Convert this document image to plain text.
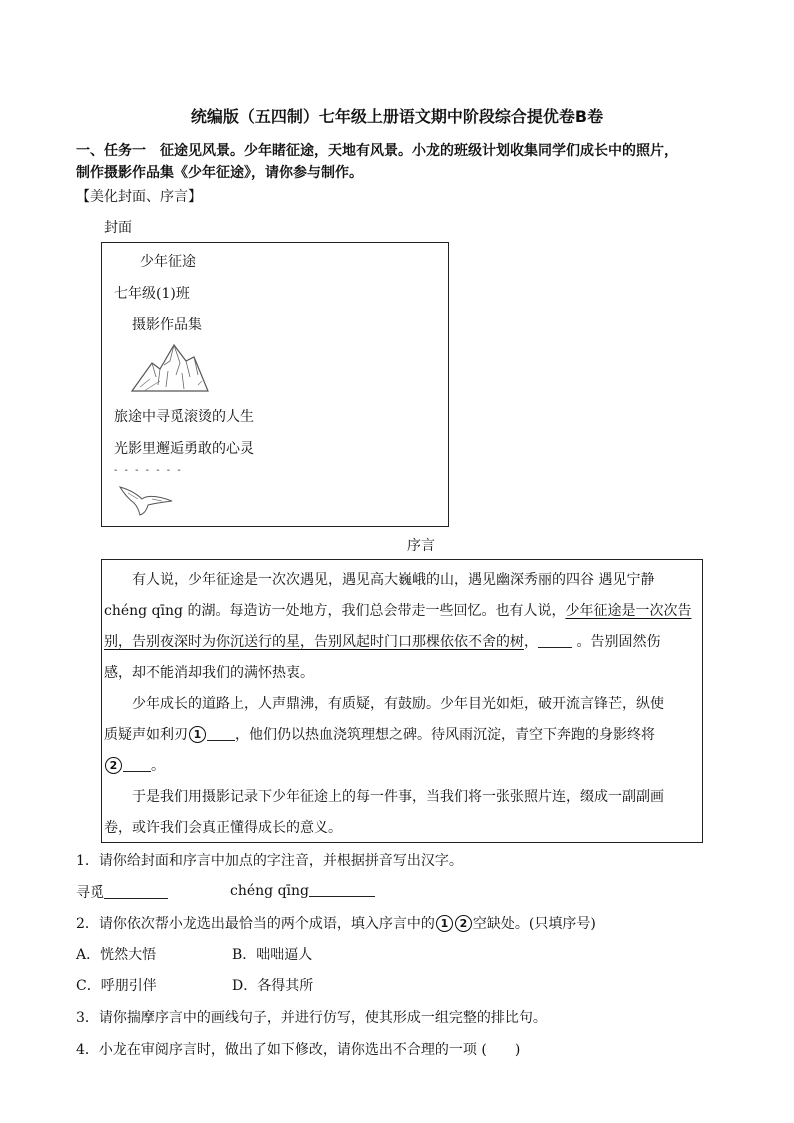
统编版（五四制）七年级上册语文期中阶段综合提优卷B卷
一、任务一　征途见风景。少年睹征途，天地有风景。小龙的班级计划收集同学们成长中的照片，
制作摄影作品集《少年征途》，请你参与制作。
【美化封面、序言】
封面
少年征途
七年级(1)班
摄影作品集
旅途中寻觅滚烫的人生
光影里邂逅勇敢的心灵
- - - - - - -
序言
有人说，少年征途是一次次遇见，遇见高大巍峨的山，遇见幽深秀丽的四谷 遇见宁静
chéng qīng 的湖。每造访一处地方，我们总会带走一些回忆。也有人说，少年征途是一次次告
别，告别夜深时为你沉送行的星，告别风起时门口那棵依依不舍的树，	。告别固然伤
感，却不能消却我们的满怀热衷。
少年成长的道路上，人声鼎沸，有质疑，有鼓励。少年目光如炬，破开流言锋芒，纵使
质疑声如利刃 1 ，他们仍以热血浇筑理想之碑。待风雨沉淀，青空下奔跑的身影终将
2 。
于是我们用摄影记录下少年征途上的每一件事，当我们将一张张照片连，缀成一副副画
卷，或许我们会真正懂得成长的意义。
1．请你给封面和序言中加点的字注音，并根据拼音写出汉字。
寻觅	chéng qīng
2．请你依次帮小龙选出最恰当的两个成语，填入序言中的 1 2 空缺处。(只填序号)
A．恍然大悟	B．咄咄逼人
C．呼朋引伴	D．各得其所
3．请你揣摩序言中的画线句子，并进行仿写，使其形成一组完整的排比句。
4．小龙在审阅序言时，做出了如下修改，请你选出不合理的一项 (　　)
